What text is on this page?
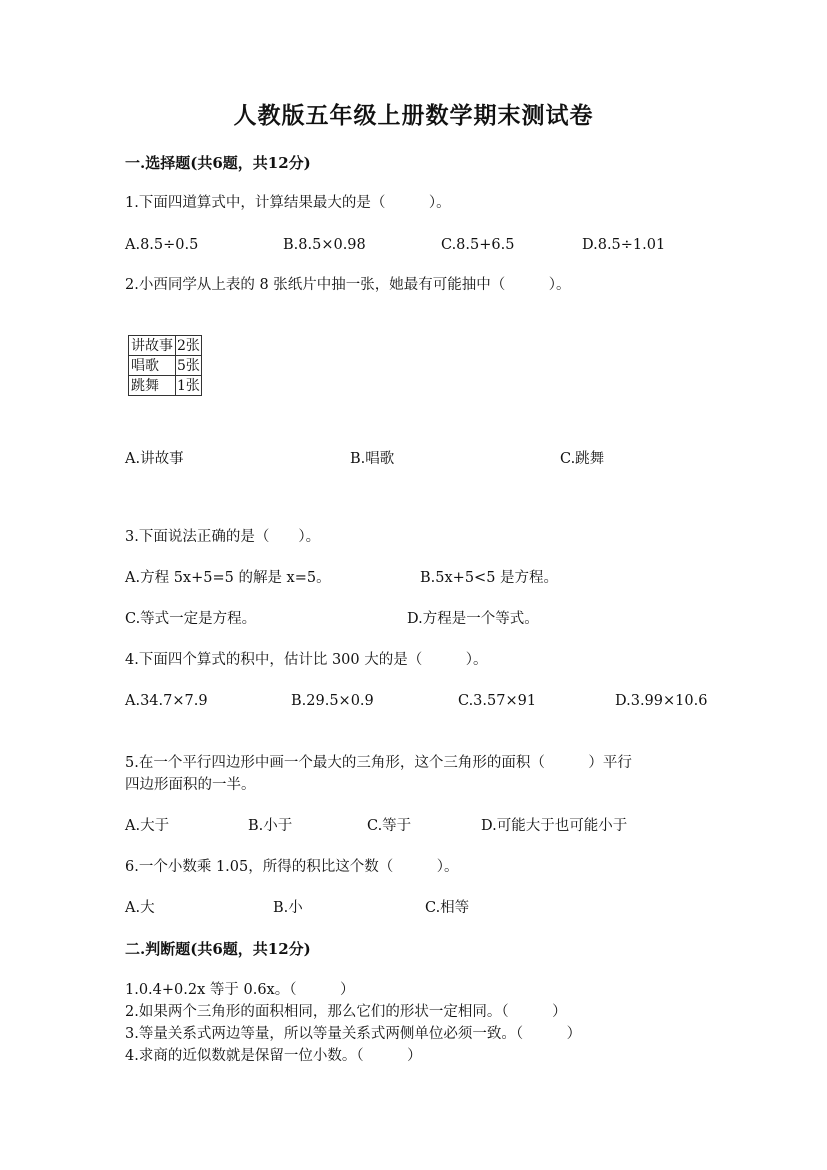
人教版五年级上册数学期末测试卷
一.选择题(共6题，共12分)
1.下面四道算式中，计算结果最大的是（　　　）。
A.8.5÷0.5	B.8.5×0.98	C.8.5+6.5	D.8.5÷1.01
2.小西同学从上表的 8 张纸片中抽一张，她最有可能抽中（　　　）。
讲故事	2张
唱歌	5张
跳舞	1张
A.讲故事	B.唱歌	C.跳舞
3.下面说法正确的是（　　）。
A.方程 5x+5=5 的解是 x=5。	B.5x+5<5 是方程。
C.等式一定是方程。	D.方程是一个等式。
4.下面四个算式的积中，估计比 300 大的是（　　　）。
A.34.7×7.9	B.29.5×0.9	C.3.57×91	D.3.99×10.6
5.在一个平行四边形中画一个最大的三角形，这个三角形的面积（　　　）平行
四边形面积的一半。
A.大于	B.小于	C.等于	D.可能大于也可能小于
6.一个小数乘 1.05，所得的积比这个数（　　　）。
A.大	B.小	C.相等
二.判断题(共6题，共12分)
1.0.4+0.2x 等于 0.6x。（　　　）
2.如果两个三角形的面积相同，那么它们的形状一定相同。（　　　）
3.等量关系式两边等量，所以等量关系式两侧单位必须一致。（　　　）
4.求商的近似数就是保留一位小数。（　　　）
